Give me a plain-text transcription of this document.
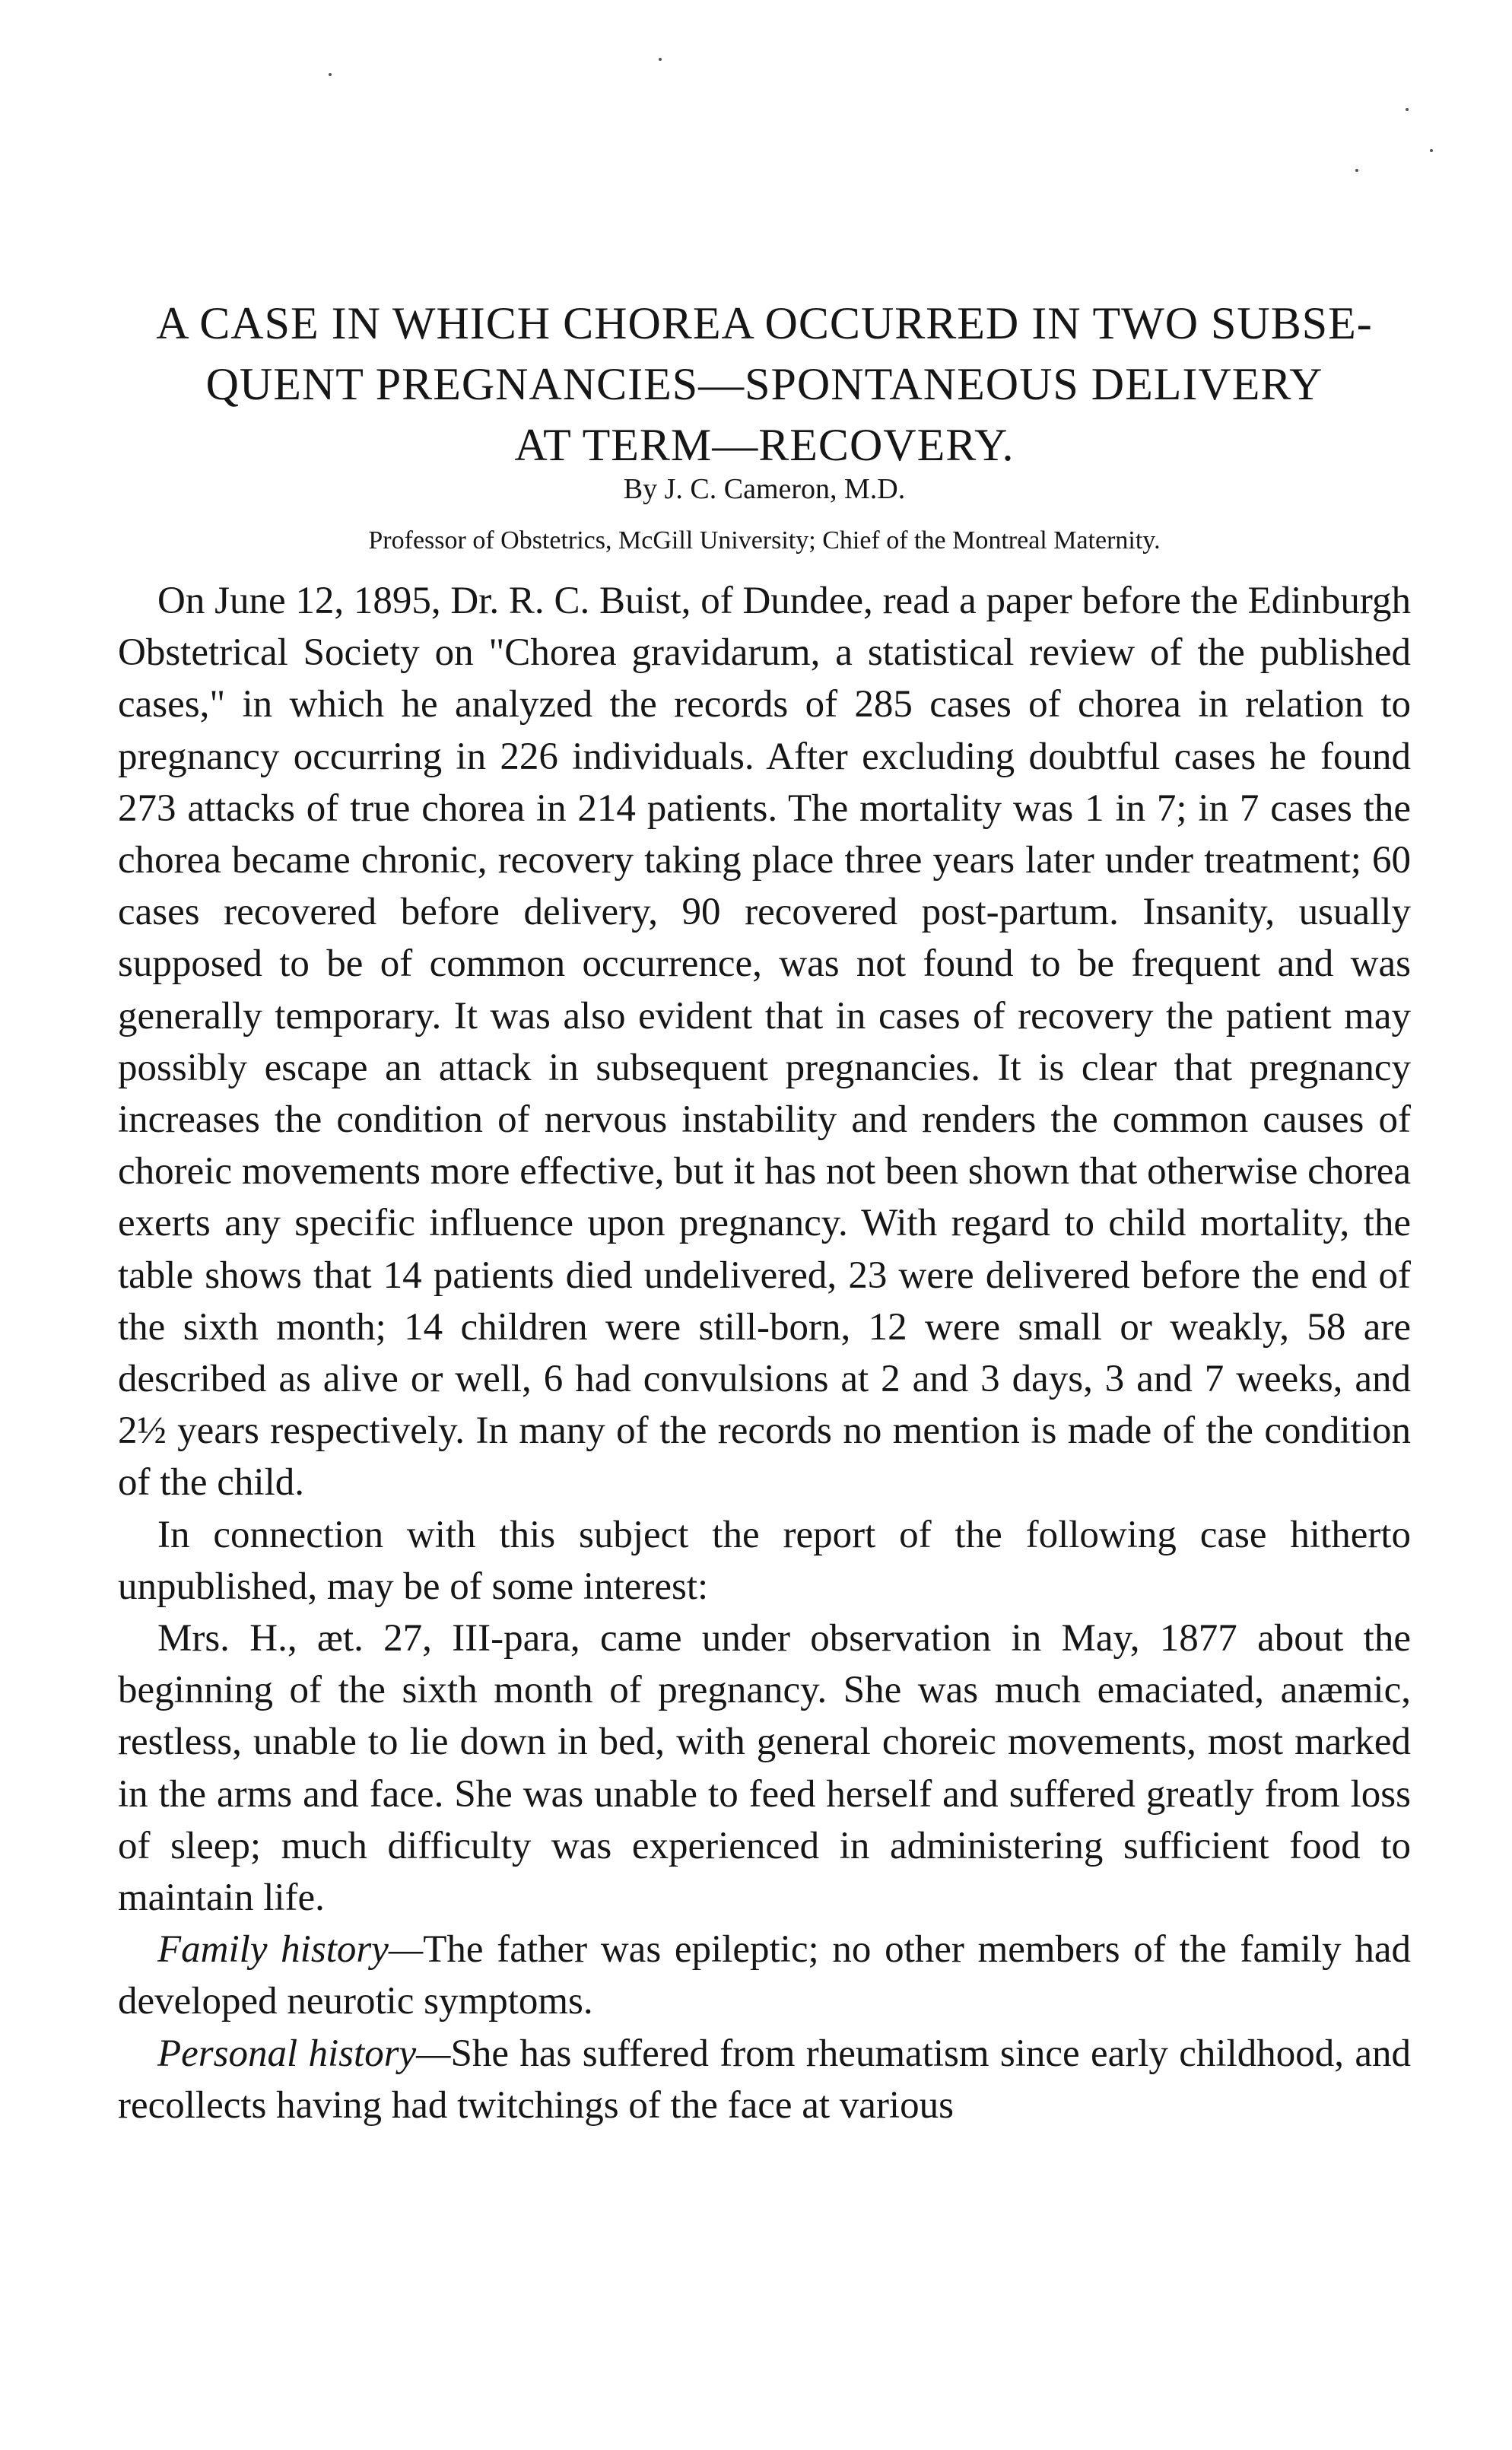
A CASE IN WHICH CHOREA OCCURRED IN TWO SUBSE-
QUENT PREGNANCIES—SPONTANEOUS DELIVERY
AT TERM—RECOVERY.

By J. C. Cameron, M.D.

Professor of Obstetrics, McGill University; Chief of the Montreal Maternity.

On June 12, 1895, Dr. R. C. Buist, of Dundee, read a paper before the Edinburgh Obstetrical Society on "Chorea gravidarum, a statistical review of the published cases," in which he analyzed the records of 285 cases of chorea in relation to pregnancy occurring in 226 individuals. After excluding doubtful cases he found 273 attacks of true chorea in 214 patients. The mortality was 1 in 7; in 7 cases the chorea became chronic, recovery taking place three years later under treatment; 60 cases recovered before delivery, 90 recovered post-partum. Insanity, usually supposed to be of common occurrence, was not found to be frequent and was generally temporary. It was also evident that in cases of recovery the patient may possibly escape an attack in subsequent pregnancies. It is clear that pregnancy increases the condition of nervous instability and renders the common causes of choreic movements more effective, but it has not been shown that otherwise chorea exerts any specific influence upon pregnancy. With regard to child mortality, the table shows that 14 patients died undelivered, 23 were delivered before the end of the sixth month; 14 children were still-born, 12 were small or weakly, 58 are described as alive or well, 6 had convulsions at 2 and 3 days, 3 and 7 weeks, and 2½ years respectively. In many of the records no mention is made of the condition of the child.

In connection with this subject the report of the following case hitherto unpublished, may be of some interest:

Mrs. H., æt. 27, III-para, came under observation in May, 1877 about the beginning of the sixth month of pregnancy. She was much emaciated, anæmic, restless, unable to lie down in bed, with general choreic movements, most marked in the arms and face. She was unable to feed herself and suffered greatly from loss of sleep; much difficulty was experienced in administering sufficient food to maintain life.

Family history—The father was epileptic; no other members of the family had developed neurotic symptoms.

Personal history—She has suffered from rheumatism since early childhood, and recollects having had twitchings of the face at various
